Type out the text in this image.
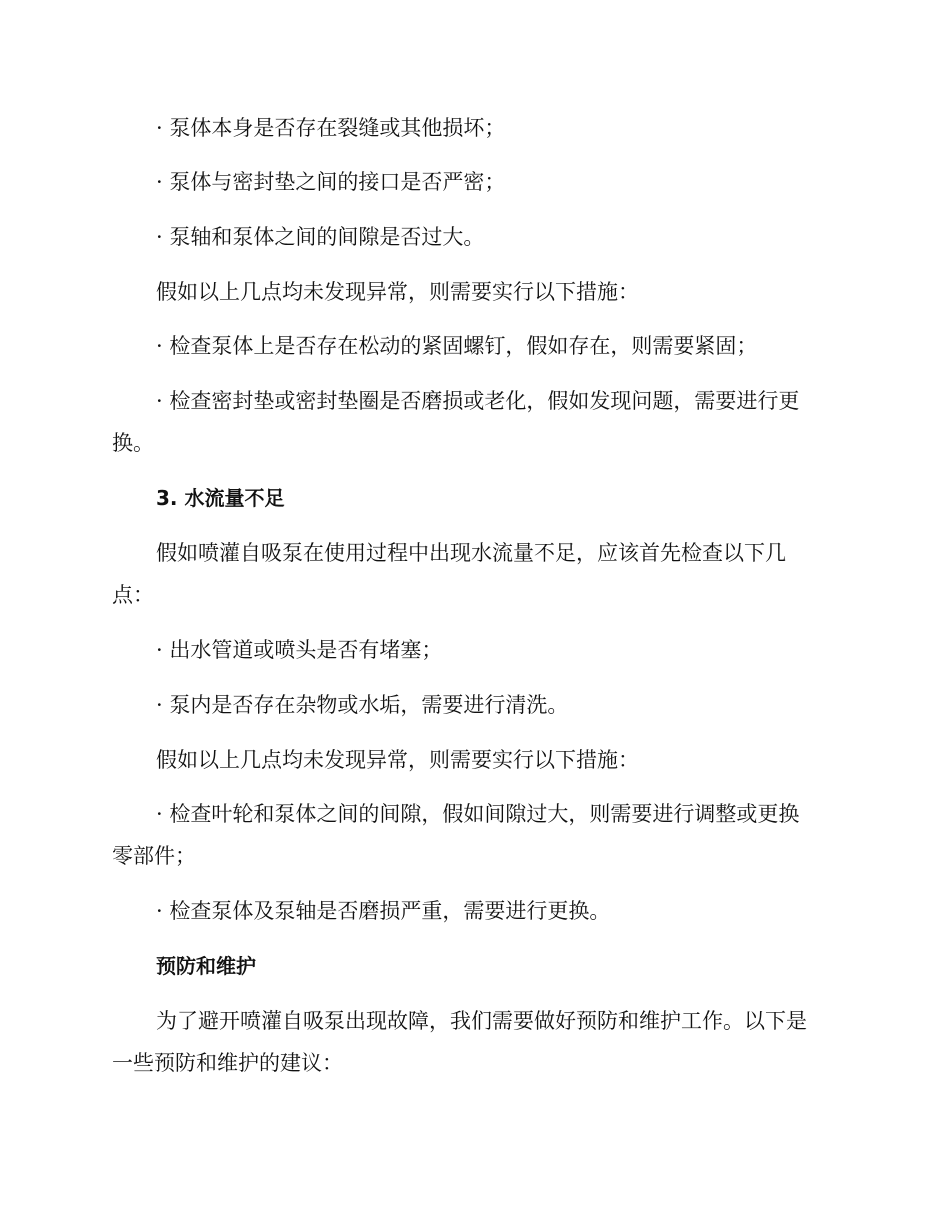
· 泵体本身是否存在裂缝或其他损坏；
· 泵体与密封垫之间的接口是否严密；
· 泵轴和泵体之间的间隙是否过大。
假如以上几点均未发现异常，则需要实行以下措施：
· 检查泵体上是否存在松动的紧固螺钉，假如存在，则需要紧固；
· 检查密封垫或密封垫圈是否磨损或老化，假如发现问题，需要进行更
换。
3. 水流量不足
假如喷灌自吸泵在使用过程中出现水流量不足，应该首先检查以下几
点：
· 出水管道或喷头是否有堵塞；
· 泵内是否存在杂物或水垢，需要进行清洗。
假如以上几点均未发现异常，则需要实行以下措施：
· 检查叶轮和泵体之间的间隙，假如间隙过大，则需要进行调整或更换
零部件；
· 检查泵体及泵轴是否磨损严重，需要进行更换。
预防和维护
为了避开喷灌自吸泵出现故障，我们需要做好预防和维护工作。以下是
一些预防和维护的建议：
